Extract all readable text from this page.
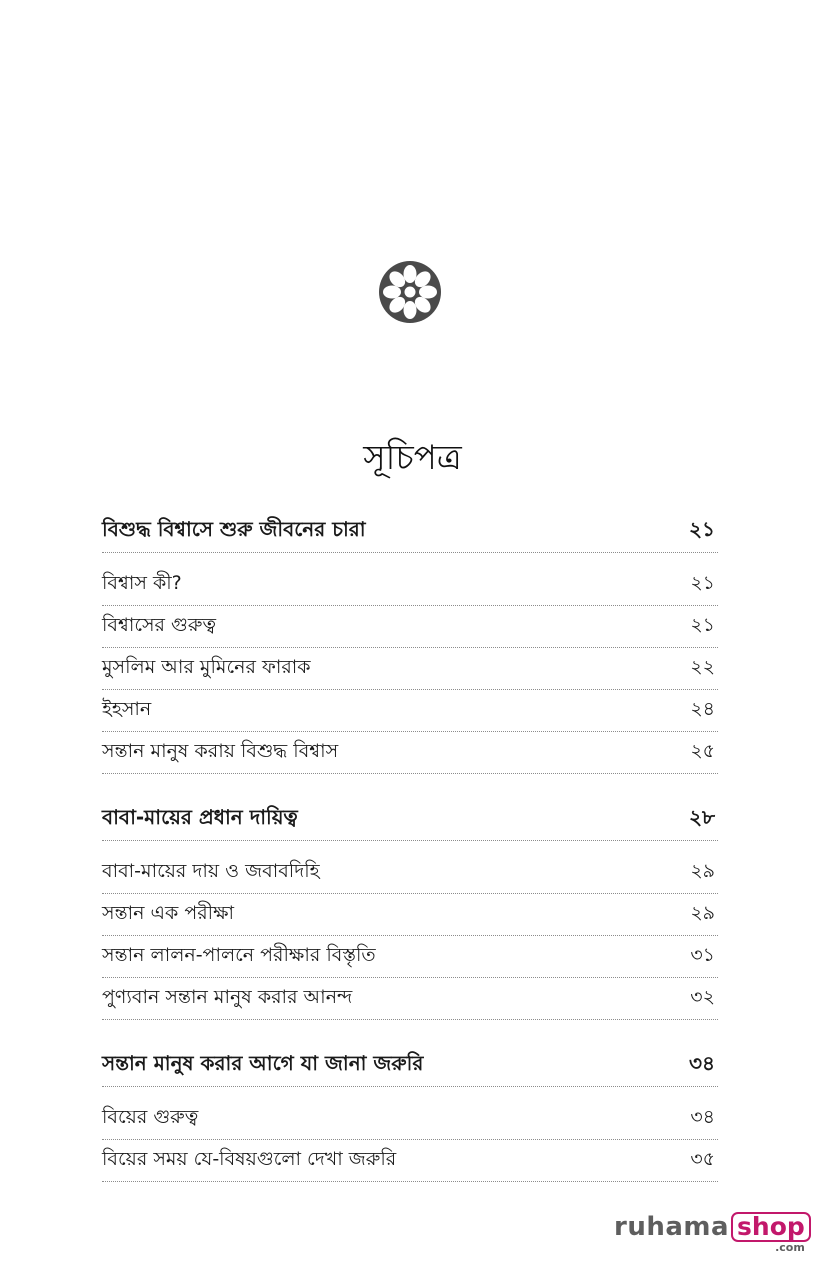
সূচিপত্র
বিশুদ্ধ বিশ্বাসে শুরু জীবনের চারা	২১
বিশ্বাস কী?	২১
বিশ্বাসের গুরুত্ব	২১
মুসলিম আর মুমিনের ফারাক	২২
ইহসান	২৪
সন্তান মানুষ করায় বিশুদ্ধ বিশ্বাস	২৫
বাবা-মায়ের প্রধান দায়িত্ব	২৮
বাবা-মায়ের দায় ও জবাবদিহি	২৯
সন্তান এক পরীক্ষা	২৯
সন্তান লালন-পালনে পরীক্ষার বিস্তৃতি	৩১
পুণ্যবান সন্তান মানুষ করার আনন্দ	৩২
সন্তান মানুষ করার আগে যা জানা জরুরি	৩৪
বিয়ের গুরুত্ব	৩৪
বিয়ের সময় যে-বিষয়গুলো দেখা জরুরি	৩৫
ruhama shop
.com
